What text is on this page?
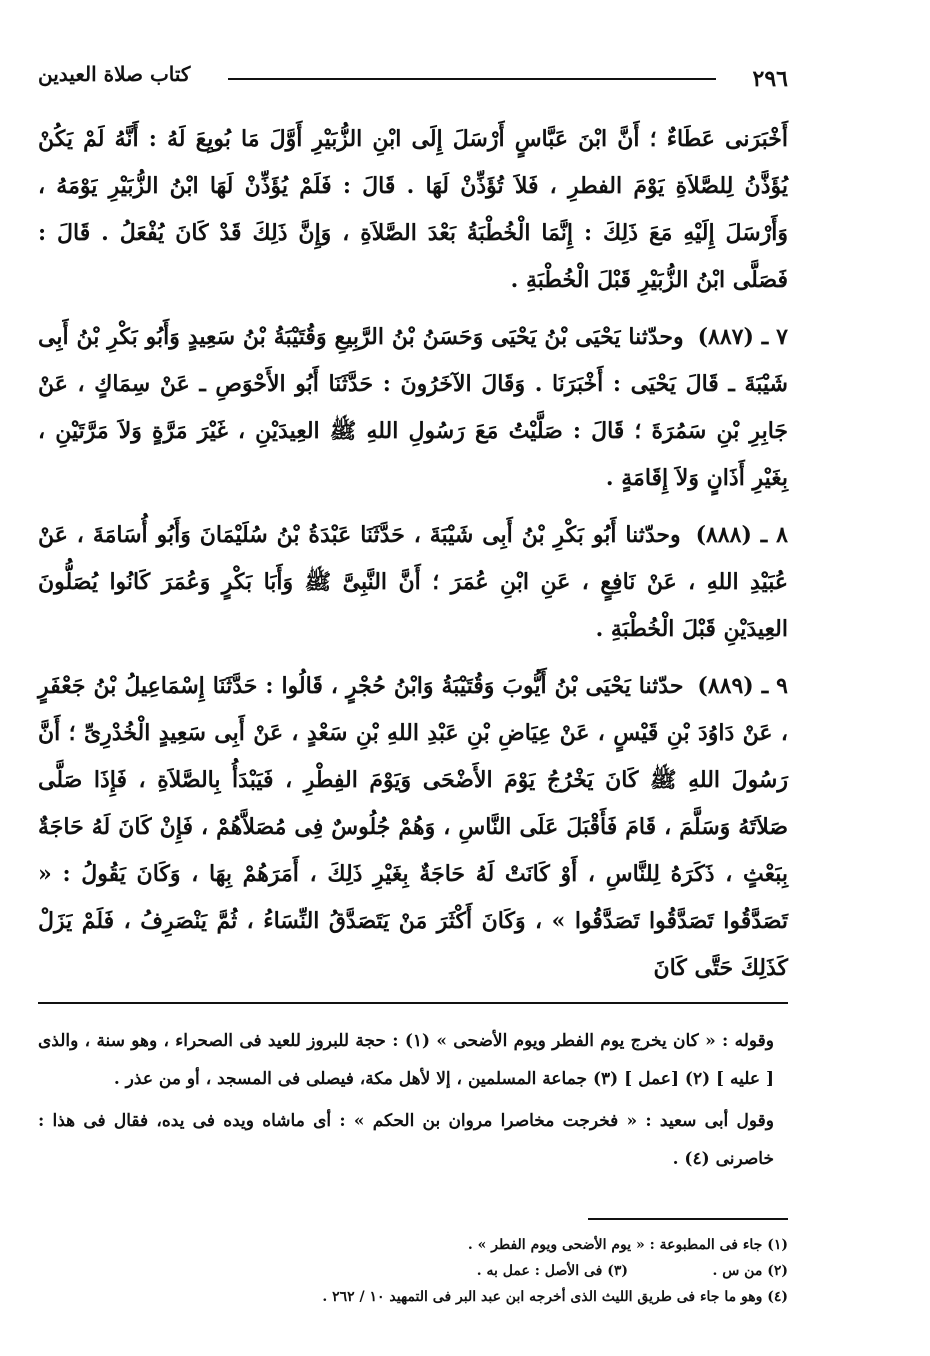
٢٩٦
كتاب صلاة العيدين

أَخْبَرَنى عَطَاءٌ ؛ أَنَّ ابْنَ عَبَّاسٍ أَرْسَلَ إِلَى ابْنِ الزُّبَيْرِ أَوَّلَ مَا بُويِعَ لَهُ : أَنَّهُ لَمْ يَكُنْ يُؤَذَّنُ لِلصَّلاَةِ يَوْمَ الفطرِ ، فَلاَ تُؤَذِّنْ لَهَا . قَالَ : فَلَمْ يُؤَذِّنْ لَهَا ابْنُ الزُّبَيْرِ يَوْمَهُ ، وَأَرْسَلَ إِلَيْهِ مَعَ ذَلِكَ : إِنَّمَا الْخُطْبَةُ بَعْدَ الصَّلاَةِ ، وَإِنَّ ذَلِكَ قَدْ كَانَ يُفْعَلُ . قَالَ : فَصَلَّى ابْنُ الزُّبَيْرِ قَبْلَ الْخُطْبَةِ .

٧ ـ (٨٨٧) وحدّثنا يَحْيَى بْنُ يَحْيَى وَحَسَنُ بْنُ الرَّبِيعِ وَقُتَيْبَةُ بْنُ سَعِيدٍ وَأَبُو بَكْرِ بْنُ أَبِى شَيْبَةَ ـ قَالَ يَحْيَى : أَخْبَرَنَا . وَقَالَ الآخَرُونَ : حَدَّثَنَا أَبُو الأَحْوَصِ ـ عَنْ سِمَاكٍ ، عَنْ جَابِرِ بْنِ سَمُرَةَ ؛ قَالَ : صَلَّيْتُ مَعَ رَسُولِ اللهِ ﷺ العِيدَيْنِ ، غَيْرَ مَرَّةٍ وَلاَ مَرَّتَيْنِ ، بِغَيْرِ أَذَانٍ وَلاَ إِقَامَةٍ .

٨ ـ (٨٨٨) وحدّثنا أَبُو بَكْرِ بْنُ أَبِى شَيْبَةَ ، حَدَّثَنَا عَبْدَةُ بْنُ سُلَيْمَانَ وَأَبُو أُسَامَةَ ، عَنْ عُبَيْدِ اللهِ ، عَنْ نَافِعٍ ، عَنِ ابْنِ عُمَرَ ؛ أَنَّ النَّبِىَّ ﷺ وَأَبَا بَكْرٍ وَعُمَرَ كَانُوا يُصَلُّونَ العِيدَيْنِ قَبْلَ الْخُطْبَةِ .

٩ ـ (٨٨٩) حدّثنا يَحْيَى بْنُ أَيُّوبَ وَقُتَيْبَةُ وَابْنُ حُجْرٍ ، قَالُوا : حَدَّثَنَا إِسْمَاعِيلُ بْنُ جَعْفَرٍ ، عَنْ دَاوُدَ بْنِ قَيْسٍ ، عَنْ عِيَاضِ بْنِ عَبْدِ اللهِ بْنِ سَعْدٍ ، عَنْ أَبِى سَعِيدٍ الْخُدْرِىِّ ؛ أَنَّ رَسُولَ اللهِ ﷺ كَانَ يَخْرُجُ يَوْمَ الأَضْحَى وَيَوْمَ الفِطْرِ ، فَيَبْدَأُ بِالصَّلاَةِ ، فَإِذَا صَلَّى صَلاَتَهُ وَسَلَّمَ ، قَامَ فَأَقْبَلَ عَلَى النَّاسِ ، وَهُمْ جُلُوسٌ فِى مُصَلاَّهُمْ ، فَإِنْ كَانَ لَهُ حَاجَةٌ بِبَعْثٍ ، ذَكَرَهُ لِلنَّاسِ ، أَوْ كَانَتْ لَهُ حَاجَةٌ بِغَيْرِ ذَلِكَ ، أَمَرَهُمْ بِهَا ، وَكَانَ يَقُولُ : « تَصَدَّقُوا تَصَدَّقُوا تَصَدَّقُوا » ، وَكَانَ أَكْثَرَ مَنْ يَتَصَدَّقُ النِّسَاءُ ، ثُمَّ يَنْصَرِفُ ، فَلَمْ يَزَلْ كَذَلِكَ حَتَّى كَانَ

وقوله : « كان يخرج يوم الفطر ويوم الأضحى » (١) : حجة للبروز للعيد فى الصحراء ، وهو سنة ، والذى [ عليه ] (٢) [عمل ] (٣) جماعة المسلمين ، إلا لأهل مكة، فيصلى فى المسجد ، أو من عذر .

وقول أبى سعيد : « فخرجت مخاصرا مروان بن الحكم » : أى ماشاه ويده فى يده، فقال فى هذا : خاصرنى (٤) .

(١) جاء فى المطبوعة : « يوم الأضحى ويوم الفطر » .
(٢) من س .
(٣) فى الأصل : عمل به .
(٤) وهو ما جاء فى طريق الليث الذى أخرجه ابن عبد البر فى التمهيد ١٠ / ٢٦٢ .
